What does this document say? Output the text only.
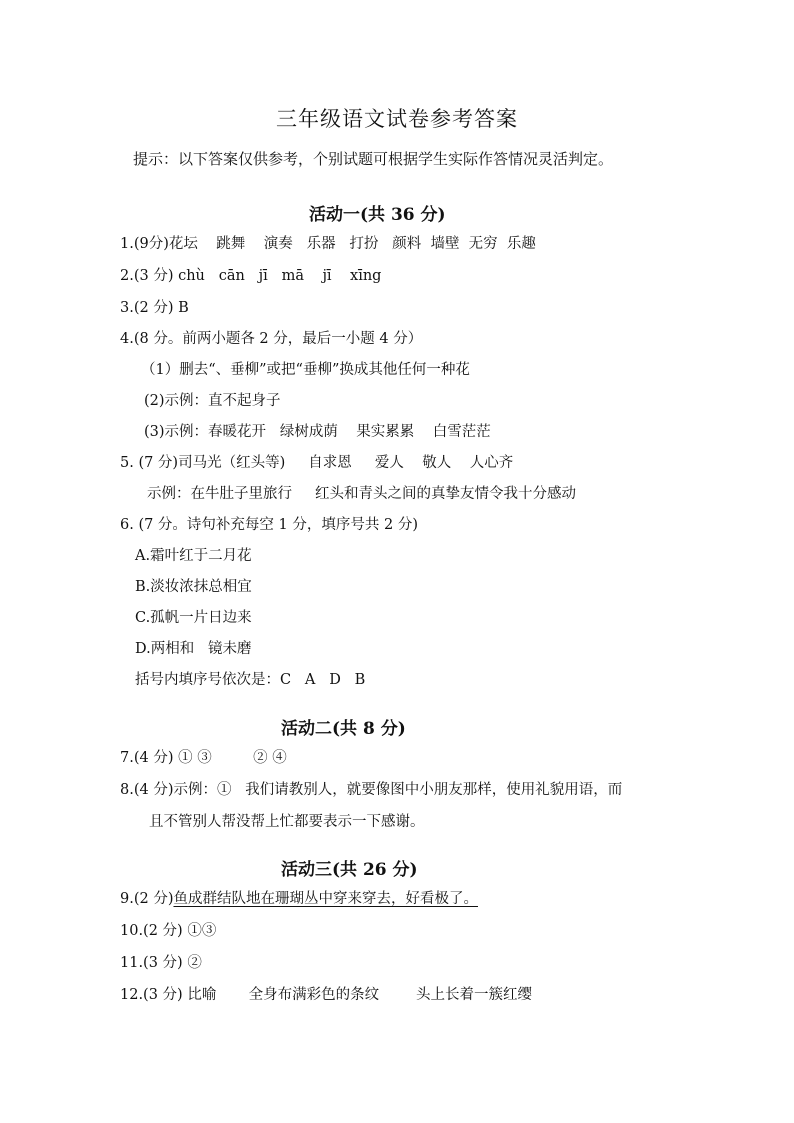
三年级语文试卷参考答案
提示：以下答案仅供参考，个别试题可根据学生实际作答情况灵活判定。
活动一(共 36 分)
1.(9分)花坛    跳舞    演奏   乐器   打扮   颜料  墙壁  无穷  乐趣
2.(3 分) chù   cān   jī   mā    jī    xīng
3.(2 分) B
4.(8 分。前两小题各 2 分，最后一小题 4 分）
（1）删去“、垂柳”或把“垂柳”换成其他任何一种花
(2)示例：直不起身子
(3)示例：春暖花开   绿树成荫    果实累累    白雪茫茫
5. (7 分)司马光（红头等)     自求恩     爱人    敬人    人心齐
示例：在牛肚子里旅行     红头和青头之间的真挚友情令我十分感动
6. (7 分。诗句补充每空 1 分，填序号共 2 分)
A.霜叶红于二月花
B.淡妆浓抹总相宜
C.孤帆一片日边来
D.两相和   镜未磨
括号内填序号依次是：C   A   D   B
活动二(共 8 分)
7.(4 分) ① ③         ② ④
8.(4 分)示例：①   我们请教别人，就要像图中小朋友那样，使用礼貌用语，而
且不管别人帮没帮上忙都要表示一下感谢。
活动三(共 26 分)
9.(2 分)鱼成群结队地在珊瑚丛中穿来穿去，好看极了。
10.(2 分) ①③
11.(3 分) ②
12.(3 分) 比喻       全身布满彩色的条纹        头上长着一簇红缨
